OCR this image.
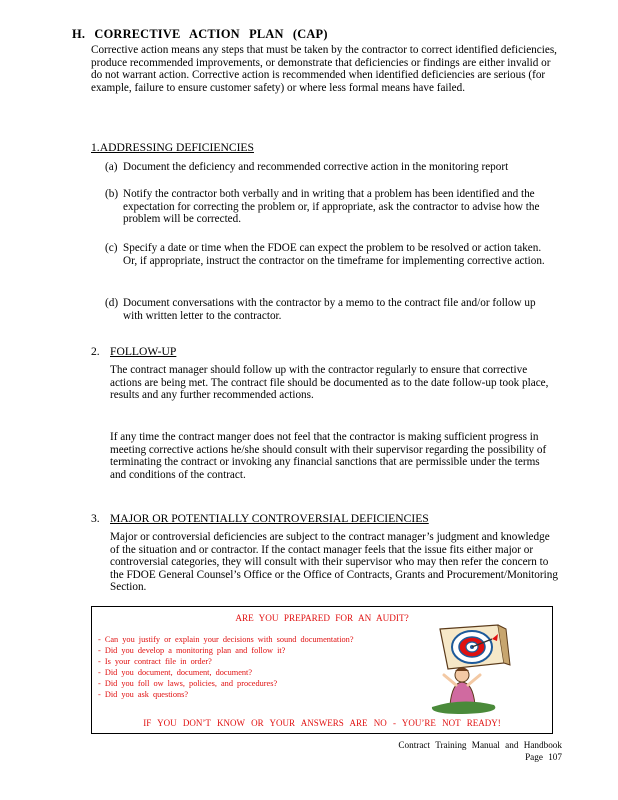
H. CORRECTIVE ACTION PLAN (CAP)
Corrective action means any steps that must be taken by the contractor to correct identified deficiencies, produce recommended improvements, or demonstrate that deficiencies or findings are either invalid or do not warrant action. Corrective action is recommended when identified deficiencies are serious (for example, failure to ensure customer safety) or where less formal means have failed.
1.ADDRESSING DEFICIENCIES
(a) Document the deficiency and recommended corrective action in the monitoring report
(b) Notify the contractor both verbally and in writing that a problem has been identified and the expectation for correcting the problem or, if appropriate, ask the contractor to advise how the problem will be corrected.
(c) Specify a date or time when the FDOE can expect the problem to be resolved or action taken. Or, if appropriate, instruct the contractor on the timeframe for implementing corrective action.
(d) Document conversations with the contractor by a memo to the contract file and/or follow up with written letter to the contractor.
2. FOLLOW-UP
The contract manager should follow up with the contractor regularly to ensure that corrective actions are being met. The contract file should be documented as to the date follow-up took place, results and any further recommended actions.
If any time the contract manger does not feel that the contractor is making sufficient progress in meeting corrective actions he/she should consult with their supervisor regarding the possibility of terminating the contract or invoking any financial sanctions that are permissible under the terms and conditions of the contract.
3. MAJOR OR POTENTIALLY CONTROVERSIAL DEFICIENCIES
Major or controversial deficiencies are subject to the contract manager’s judgment and knowledge of the situation and or contractor. If the contact manager feels that the issue fits either major or controversial categories, they will consult with their supervisor who may then refer the concern to the FDOE General Counsel’s Office or the Office of Contracts, Grants and Procurement/Monitoring Section.
ARE YOU PREPARED FOR AN AUDIT?
- Can you justify or explain your decisions with sound documentation?
- Did you develop a monitoring plan and follow it?
- Is your contract file in order?
- Did you document, document, document?
- Did you foll ow laws, policies, and procedures?
- Did you ask questions?
IF YOU DON’T KNOW OR YOUR ANSWERS ARE NO - YOU’RE NOT READY!
Contract Training Manual and Handbook
Page 107
